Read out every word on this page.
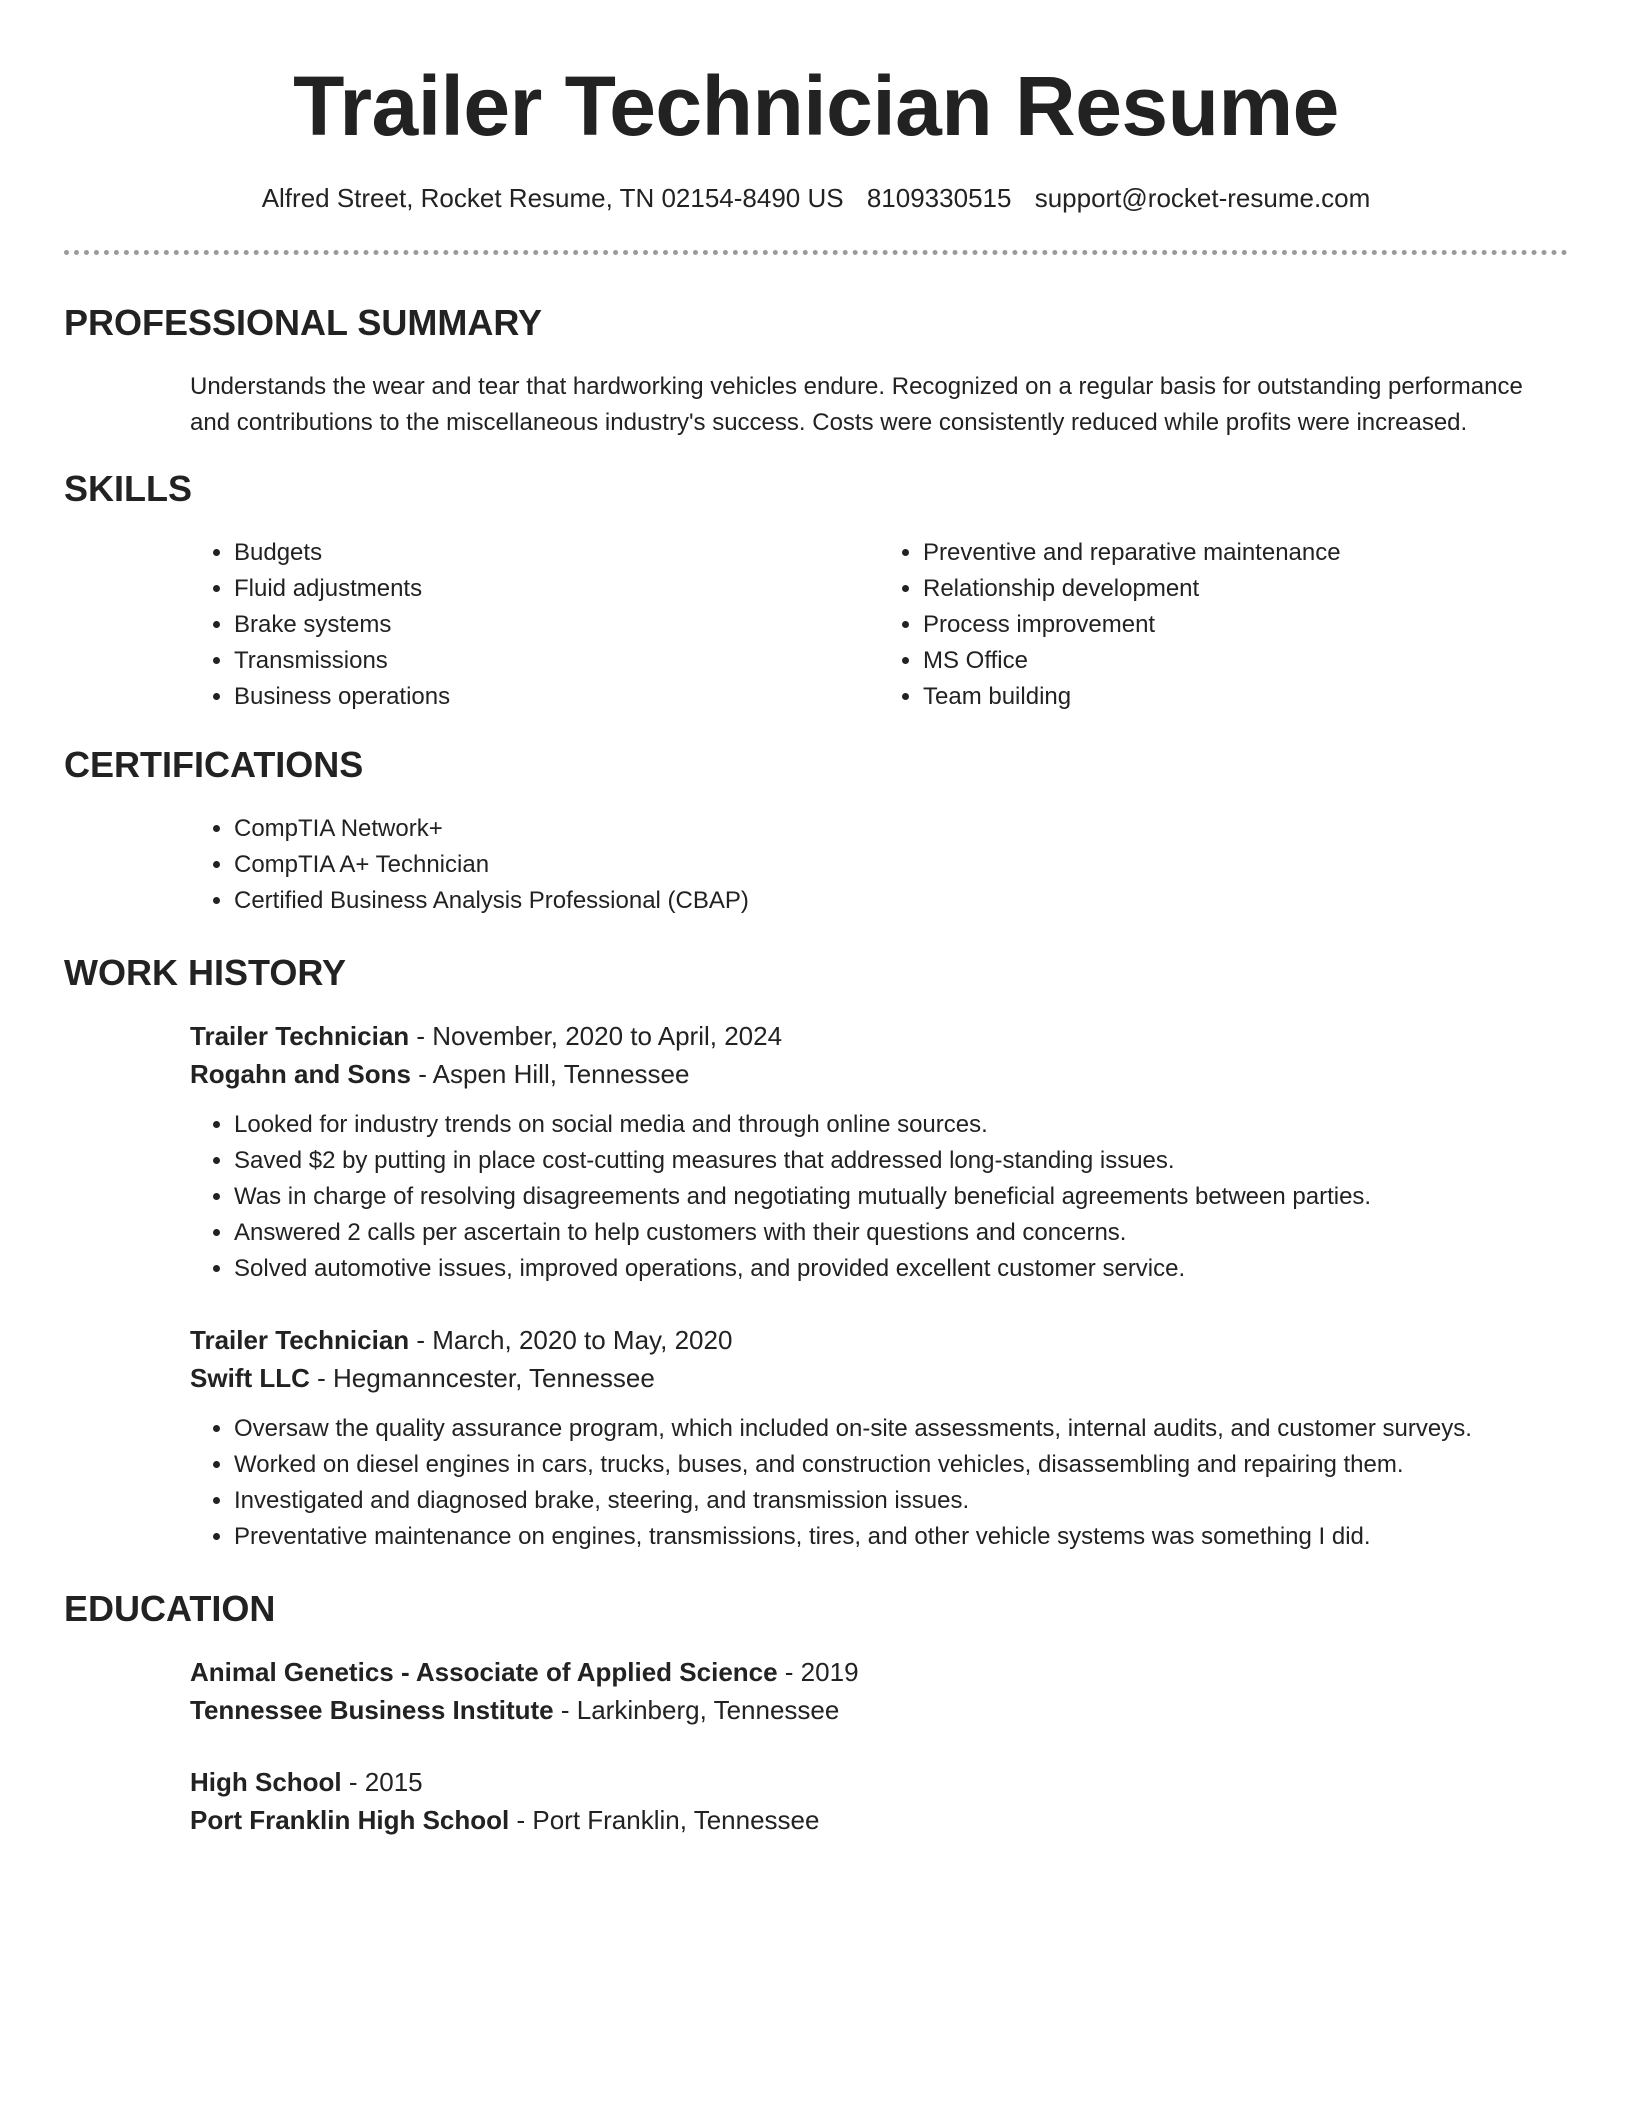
Trailer Technician Resume
Alfred Street, Rocket Resume, TN 02154-8490 US 8109330515 support@rocket-resume.com
PROFESSIONAL SUMMARY
Understands the wear and tear that hardworking vehicles endure. Recognized on a regular basis for outstanding performance and contributions to the miscellaneous industry's success. Costs were consistently reduced while profits were increased.
SKILLS
• Budgets
• Fluid adjustments
• Brake systems
• Transmissions
• Business operations
• Preventive and reparative maintenance
• Relationship development
• Process improvement
• MS Office
• Team building
CERTIFICATIONS
• CompTIA Network+
• CompTIA A+ Technician
• Certified Business Analysis Professional (CBAP)
WORK HISTORY
Trailer Technician - November, 2020 to April, 2024
Rogahn and Sons - Aspen Hill, Tennessee
• Looked for industry trends on social media and through online sources.
• Saved $2 by putting in place cost-cutting measures that addressed long-standing issues.
• Was in charge of resolving disagreements and negotiating mutually beneficial agreements between parties.
• Answered 2 calls per ascertain to help customers with their questions and concerns.
• Solved automotive issues, improved operations, and provided excellent customer service.
Trailer Technician - March, 2020 to May, 2020
Swift LLC - Hegmanncester, Tennessee
• Oversaw the quality assurance program, which included on-site assessments, internal audits, and customer surveys.
• Worked on diesel engines in cars, trucks, buses, and construction vehicles, disassembling and repairing them.
• Investigated and diagnosed brake, steering, and transmission issues.
• Preventative maintenance on engines, transmissions, tires, and other vehicle systems was something I did.
EDUCATION
Animal Genetics - Associate of Applied Science - 2019
Tennessee Business Institute - Larkinberg, Tennessee
High School - 2015
Port Franklin High School - Port Franklin, Tennessee
